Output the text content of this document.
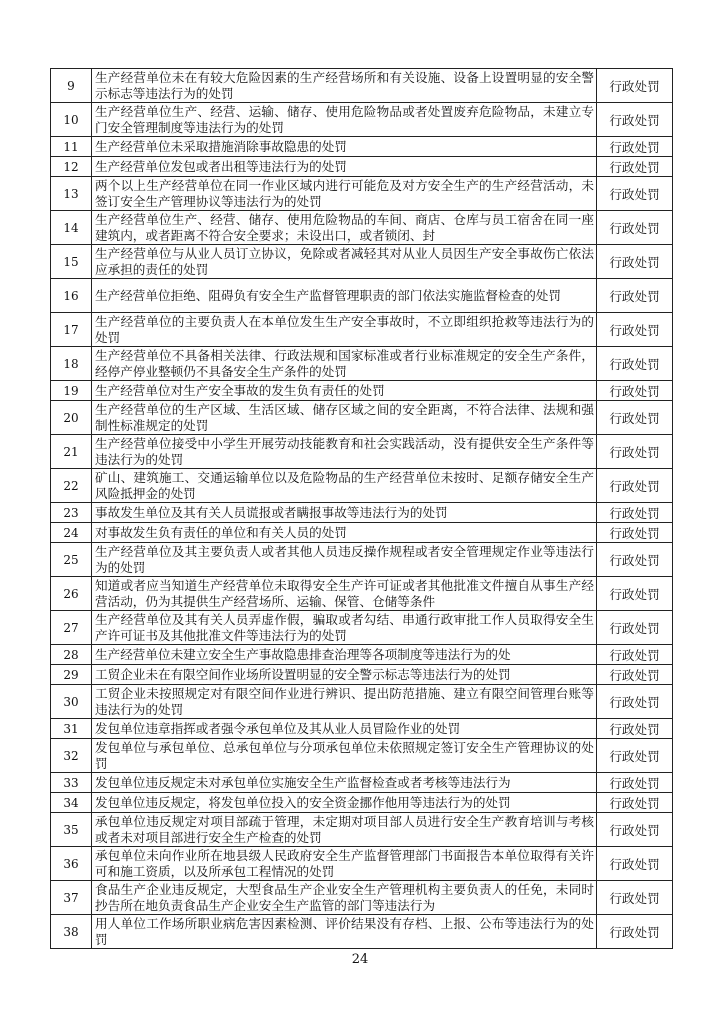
9	生产经营单位未在有较大危险因素的生产经营场所和有关设施、设备上设置明显的安全警示标志等违法行为的处罚	行政处罚
10	生产经营单位生产、经营、运输、储存、使用危险物品或者处置废弃危险物品，未建立专门安全管理制度等违法行为的处罚	行政处罚
11	生产经营单位未采取措施消除事故隐患的处罚	行政处罚
12	生产经营单位发包或者出租等违法行为的处罚	行政处罚
13	两个以上生产经营单位在同一作业区域内进行可能危及对方安全生产的生产经营活动，未签订安全生产管理协议等违法行为的处罚	行政处罚
14	生产经营单位生产、经营、储存、使用危险物品的车间、商店、仓库与员工宿舍在同一座建筑内，或者距离不符合安全要求；未设出口，或者锁闭、封	行政处罚
15	生产经营单位与从业人员订立协议，免除或者减轻其对从业人员因生产安全事故伤亡依法应承担的责任的处罚	行政处罚
16	生产经营单位拒绝、阻碍负有安全生产监督管理职责的部门依法实施监督检查的处罚	行政处罚
17	生产经营单位的主要负责人在本单位发生生产安全事故时，不立即组织抢救等违法行为的处罚	行政处罚
18	生产经营单位不具备相关法律、行政法规和国家标准或者行业标准规定的安全生产条件，经停产停业整顿仍不具备安全生产条件的处罚	行政处罚
19	生产经营单位对生产安全事故的发生负有责任的处罚	行政处罚
20	生产经营单位的生产区域、生活区域、储存区域之间的安全距离，不符合法律、法规和强制性标准规定的处罚	行政处罚
21	生产经营单位接受中小学生开展劳动技能教育和社会实践活动，没有提供安全生产条件等违法行为的处罚	行政处罚
22	矿山、建筑施工、交通运输单位以及危险物品的生产经营单位未按时、足额存储安全生产风险抵押金的处罚	行政处罚
23	事故发生单位及其有关人员谎报或者瞒报事故等违法行为的处罚	行政处罚
24	对事故发生负有责任的单位和有关人员的处罚	行政处罚
25	生产经营单位及其主要负责人或者其他人员违反操作规程或者安全管理规定作业等违法行为的处罚	行政处罚
26	知道或者应当知道生产经营单位未取得安全生产许可证或者其他批准文件擅自从事生产经营活动，仍为其提供生产经营场所、运输、保管、仓储等条件	行政处罚
27	生产经营单位及其有关人员弄虚作假，骗取或者勾结、串通行政审批工作人员取得安全生产许可证书及其他批准文件等违法行为的处罚	行政处罚
28	生产经营单位未建立安全生产事故隐患排查治理等各项制度等违法行为的处	行政处罚
29	工贸企业未在有限空间作业场所设置明显的安全警示标志等违法行为的处罚	行政处罚
30	工贸企业未按照规定对有限空间作业进行辨识、提出防范措施、建立有限空间管理台账等违法行为的处罚	行政处罚
31	发包单位违章指挥或者强令承包单位及其从业人员冒险作业的处罚	行政处罚
32	发包单位与承包单位、总承包单位与分项承包单位未依照规定签订安全生产管理协议的处罚	行政处罚
33	发包单位违反规定未对承包单位实施安全生产监督检查或者考核等违法行为	行政处罚
34	发包单位违反规定，将发包单位投入的安全资金挪作他用等违法行为的处罚	行政处罚
35	承包单位违反规定对项目部疏于管理，未定期对项目部人员进行安全生产教育培训与考核或者未对项目部进行安全生产检查的处罚	行政处罚
36	承包单位未向作业所在地县级人民政府安全生产监督管理部门书面报告本单位取得有关许可和施工资质，以及所承包工程情况的处罚	行政处罚
37	食品生产企业违反规定，大型食品生产企业安全生产管理机构主要负责人的任免，未同时抄告所在地负责食品生产企业安全生产监管的部门等违法行为	行政处罚
38	用人单位工作场所职业病危害因素检测、评价结果没有存档、上报、公布等违法行为的处罚	行政处罚
24
